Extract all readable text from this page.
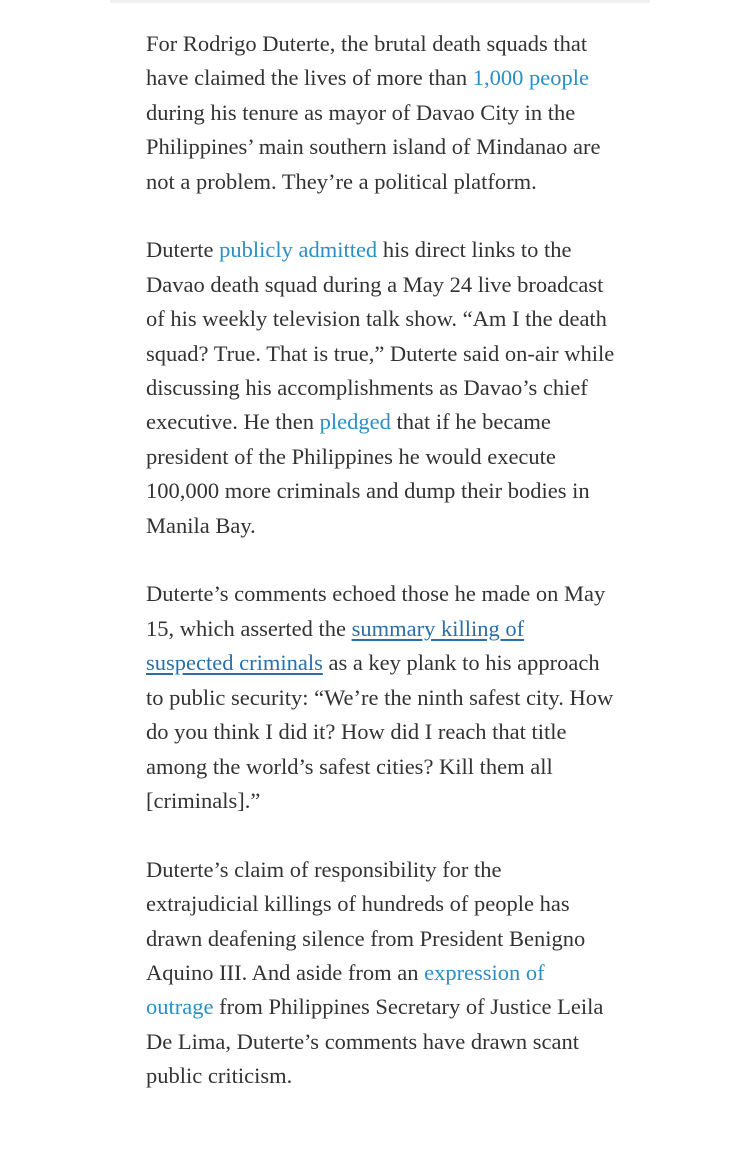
For Rodrigo Duterte, the brutal death squads that have claimed the lives of more than 1,000 people during his tenure as mayor of Davao City in the Philippines’ main southern island of Mindanao are not a problem. They’re a political platform.

Duterte publicly admitted his direct links to the Davao death squad during a May 24 live broadcast of his weekly television talk show. “Am I the death squad? True. That is true,” Duterte said on-air while discussing his accomplishments as Davao’s chief executive. He then pledged that if he became president of the Philippines he would execute 100,000 more criminals and dump their bodies in Manila Bay.

Duterte’s comments echoed those he made on May 15, which asserted the summary killing of suspected criminals as a key plank to his approach to public security: “We’re the ninth safest city. How do you think I did it? How did I reach that title among the world’s safest cities? Kill them all [criminals].”

Duterte’s claim of responsibility for the extrajudicial killings of hundreds of people has drawn deafening silence from President Benigno Aquino III. And aside from an expression of outrage from Philippines Secretary of Justice Leila De Lima, Duterte’s comments have drawn scant public criticism.
